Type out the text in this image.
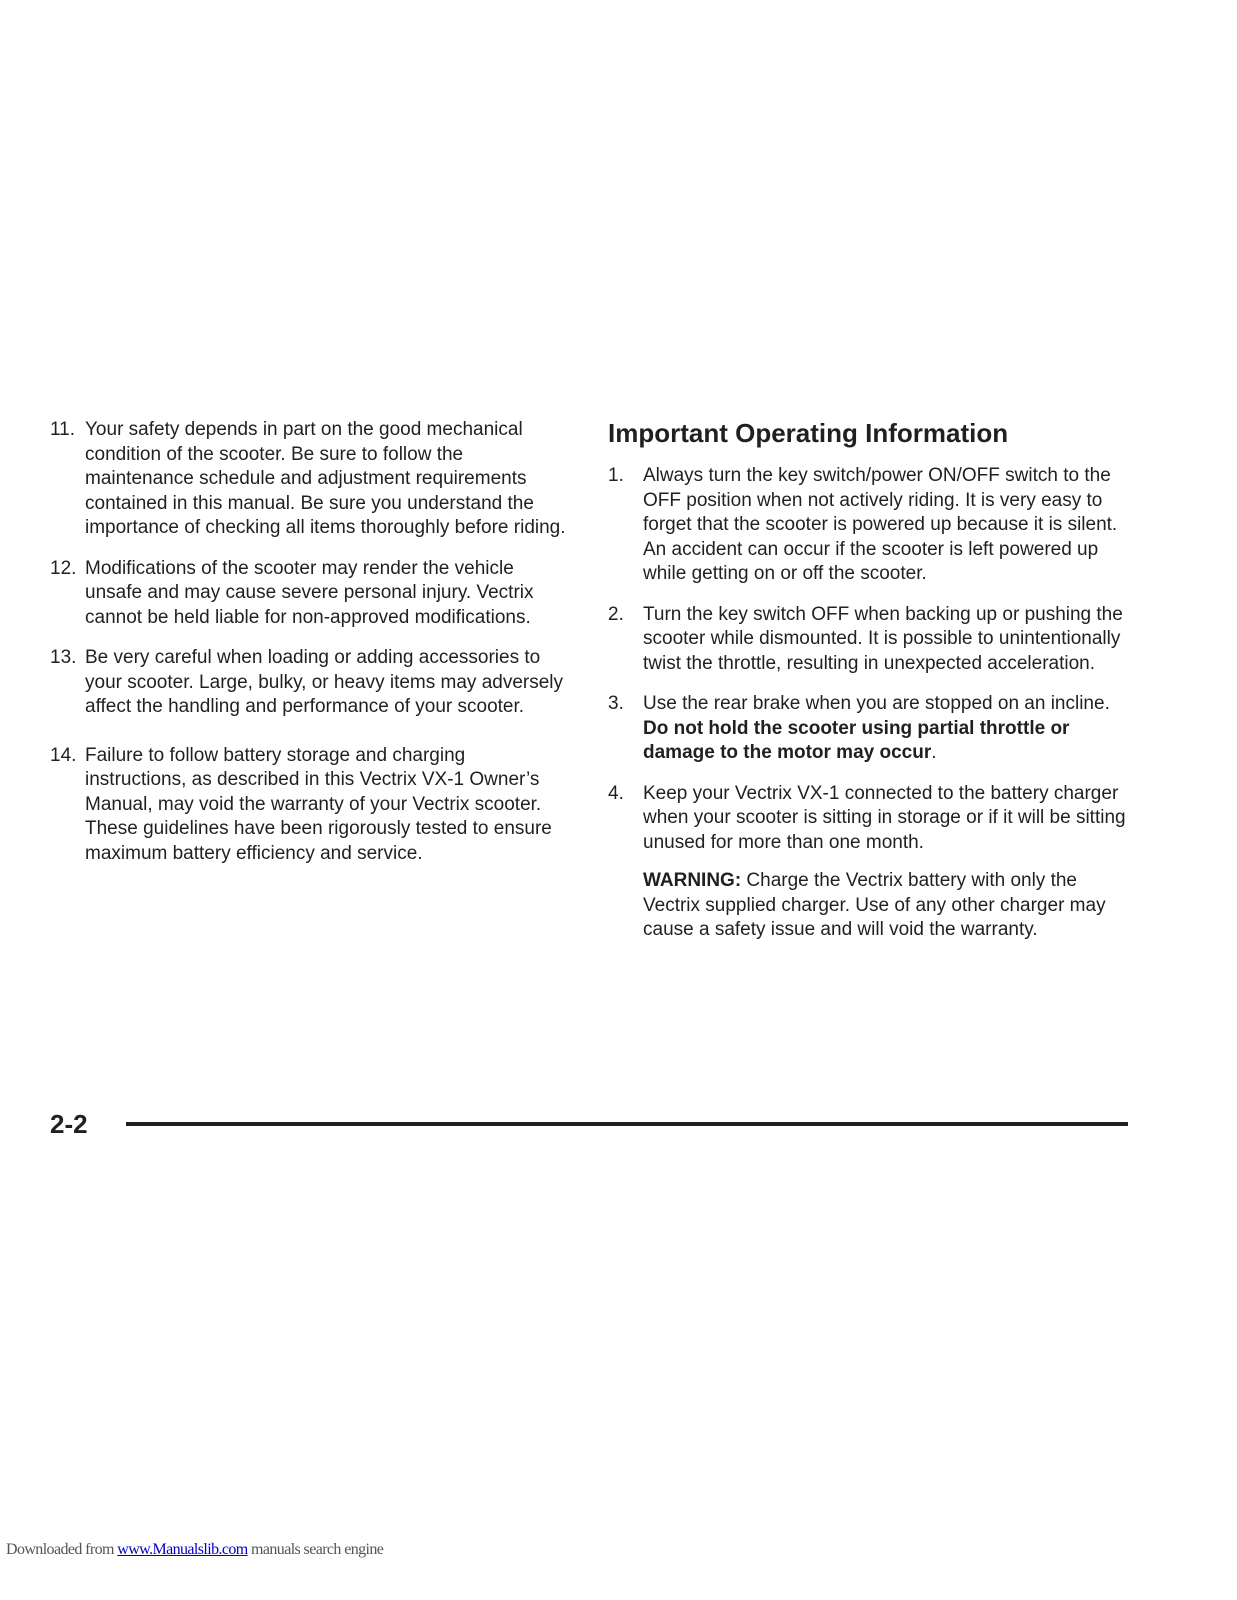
11. Your safety depends in part on the good mechanical condition of the scooter. Be sure to follow the maintenance schedule and adjustment requirements contained in this manual. Be sure you understand the importance of checking all items thoroughly before riding.
12. Modifications of the scooter may render the vehicle unsafe and may cause severe personal injury. Vectrix cannot be held liable for non-approved modifications.
13. Be very careful when loading or adding accessories to your scooter. Large, bulky, or heavy items may adversely affect the handling and performance of your scooter.
14. Failure to follow battery storage and charging instructions, as described in this Vectrix VX-1 Owner’s Manual, may void the warranty of your Vectrix scooter. These guidelines have been rigorously tested to ensure maximum battery efficiency and service.
Important Operating Information
1. Always turn the key switch/power ON/OFF switch to the OFF position when not actively riding. It is very easy to forget that the scooter is powered up because it is silent. An accident can occur if the scooter is left powered up while getting on or off the scooter.
2. Turn the key switch OFF when backing up or pushing the scooter while dismounted. It is possible to unintentionally twist the throttle, resulting in unexpected acceleration.
3. Use the rear brake when you are stopped on an incline. Do not hold the scooter using partial throttle or damage to the motor may occur.
4. Keep your Vectrix VX-1 connected to the battery charger when your scooter is sitting in storage or if it will be sitting unused for more than one month.
WARNING: Charge the Vectrix battery with only the Vectrix supplied charger. Use of any other charger may cause a safety issue and will void the warranty.
2-2
Downloaded from www.Manualslib.com manuals search engine
